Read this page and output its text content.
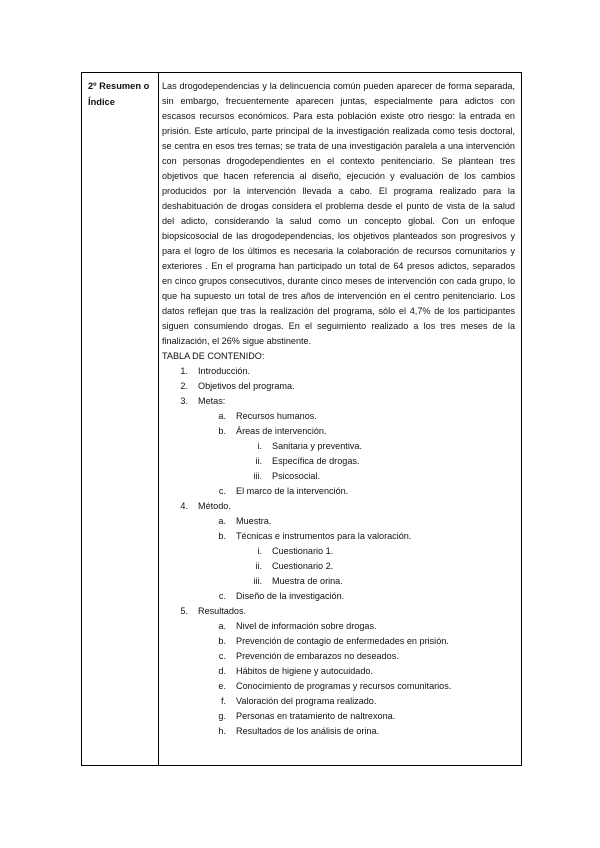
2º Resumen o Índice

Las drogodependencias y la delincuencia común pueden aparecer de forma separada, sin embargo, frecuentemente aparecen juntas, especialmente para adictos con escasos recursos económicos. Para esta población existe otro riesgo: la entrada en prisión. Este artículo, parte principal de la investigación realizada como tesis doctoral, se centra en esos tres temas; se trata de una investigación paralela a una intervención con personas drogodependientes en el contexto penitenciario. Se plantean tres objetivos que hacen referencia al diseño, ejecución y evaluación de los cambios producidos por la intervención llevada a cabo. El programa realizado para la deshabituación de drogas considera el problema desde el punto de vista de la salud del adicto, considerando la salud como un concepto global. Con un enfoque biopsicosocial de las drogodependencias, los objetivos planteados son progresivos y para el logro de los últimos es necesaria la colaboración de recursos comunitarios y exteriores . En el programa han participado un total de 64 presos adictos, separados en cinco grupos consecutivos, durante cinco meses de intervención con cada grupo, lo que ha supuesto un total de tres años de intervención en el centro penitenciario. Los datos reflejan que tras la realización del programa, sólo el 4,7% de los participantes siguen consumiendo drogas. En el seguimiento realizado a los tres meses de la finalización, el 26% sigue abstinente.

TABLA DE CONTENIDO:
1. Introducción.
2. Objetivos del programa.
3. Metas:
a. Recursos humanos.
b. Áreas de intervención.
i. Sanitaria y preventiva.
ii. Específica de drogas.
iii. Psicosocial.
c. El marco de la intervención.
4. Método.
a. Muestra.
b. Técnicas e instrumentos para la valoración.
i. Cuestionario 1.
ii. Cuestionario 2.
iii. Muestra de orina.
c. Diseño de la investigación.
5. Resultados.
a. Nivel de información sobre drogas.
b. Prevención de contagio de enfermedades en prisión.
c. Prevención de embarazos no deseados.
d. Hábitos de higiene y autocuidado.
e. Conocimiento de programas y recursos comunitarios.
f. Valoración del programa realizado.
g. Personas en tratamiento de naltrexona.
h. Resultados de los análisis de orina.
